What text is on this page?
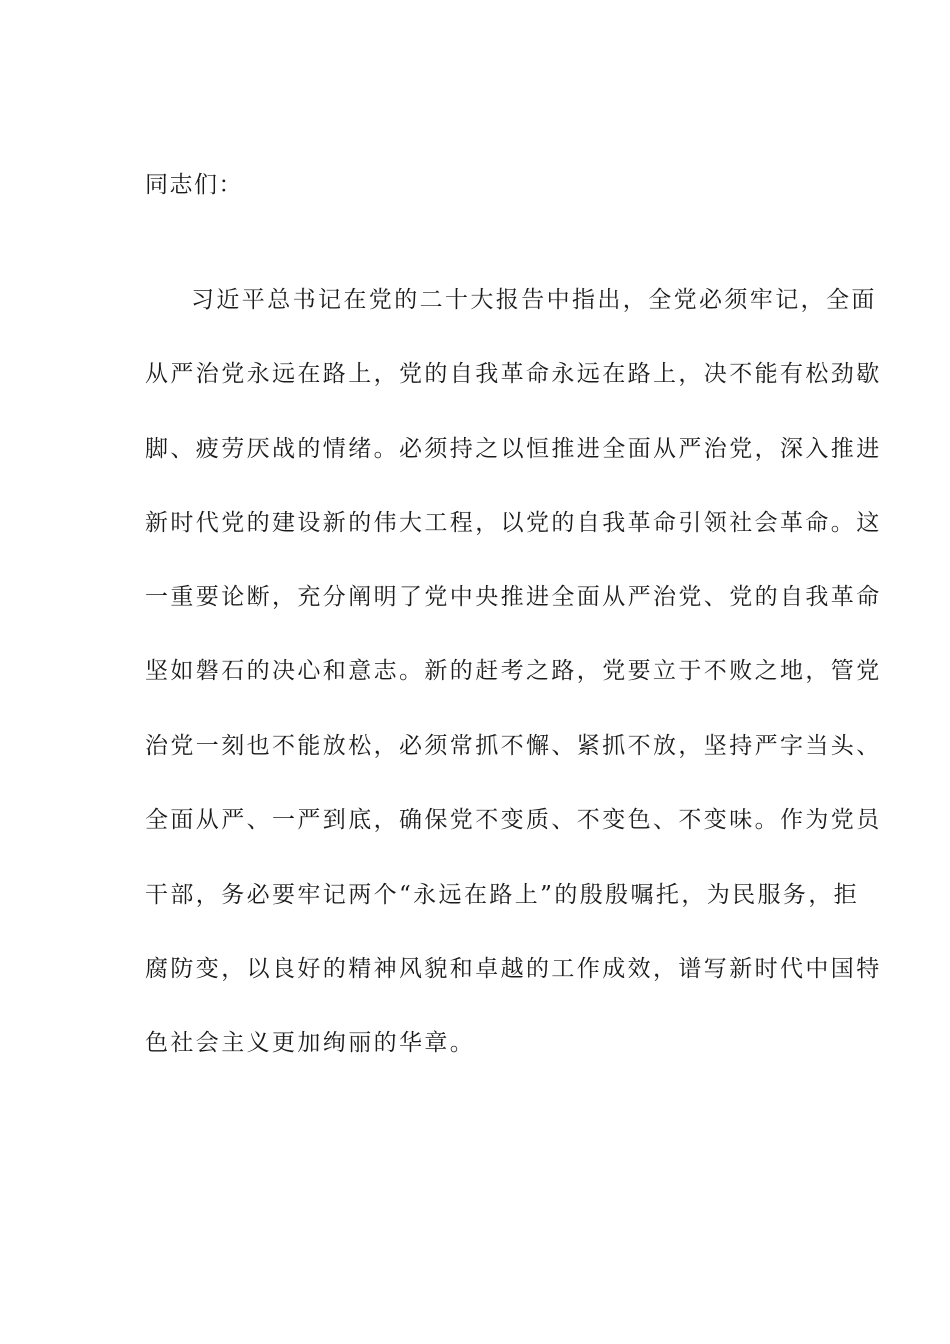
同志们：
习近平总书记在党的二十大报告中指出，全党必须牢记，全面
从严治党永远在路上，党的自我革命永远在路上，决不能有松劲歇
脚、疲劳厌战的情绪。必须持之以恒推进全面从严治党，深入推进
新时代党的建设新的伟大工程，以党的自我革命引领社会革命。这
一重要论断，充分阐明了党中央推进全面从严治党、党的自我革命
坚如磐石的决心和意志。新的赶考之路，党要立于不败之地，管党
治党一刻也不能放松，必须常抓不懈、紧抓不放，坚持严字当头、
全面从严、一严到底，确保党不变质、不变色、不变味。作为党员
干部，务必要牢记两个“永远在路上”的殷殷嘱托，为民服务，拒
腐防变，以良好的精神风貌和卓越的工作成效，谱写新时代中国特
色社会主义更加绚丽的华章。
